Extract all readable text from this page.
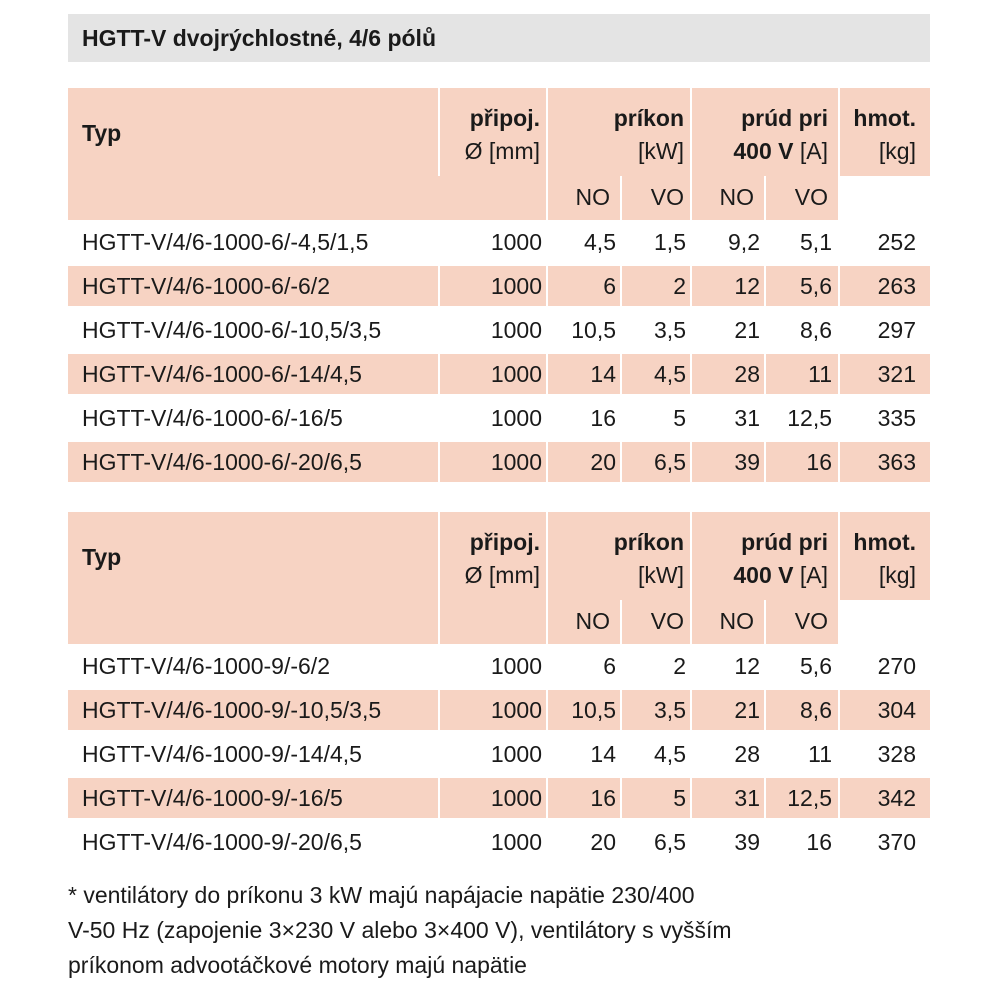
HGTT-V dvojrýchlostné, 4/6 pólů
Typ
připoj.
Ø [mm]
príkon
[kW]
NO VO
prúd pri
400 V [A]
NO VO
hmot.
[kg]
HGTT-V/4/6-1000-6/-4,5/1,5	1000 4,5 1,5 9,2 5,1 252
HGTT-V/4/6-1000-6/-6/2	1000	6 2 12 5,6 263
HGTT-V/4/6-1000-6/-10,5/3,5	1000 10,5 3,5 21 8,6 297
HGTT-V/4/6-1000-6/-14/4,5	1000 14 4,5 28 11 321
HGTT-V/4/6-1000-6/-16/5	1000 16 5 31 12,5 335
HGTT-V/4/6-1000-6/-20/6,5	1000 20 6,5 39 16 363
Typ
připoj.
Ø [mm]
príkon
[kW]
NO VO
prúd pri
400 V [A]
NO VO
hmot.
[kg]
HGTT-V/4/6-1000-9/-6/2	1000	6 2 12 5,6 270
HGTT-V/4/6-1000-9/-10,5/3,5	1000 10,5 3,5 21 8,6 304
HGTT-V/4/6-1000-9/-14/4,5	1000 14 4,5 28 11 328
HGTT-V/4/6-1000-9/-16/5	1000 16 5 31 12,5 342
HGTT-V/4/6-1000-9/-20/6,5	1000 20 6,5 39 16 370
* ventilátory do príkonu 3 kW majú napájacie napätie 230/400
V-50 Hz (zapojenie 3×230 V alebo 3×400 V), ventilátory s vyšším
príkonom advootáčkové motory majú napätie
